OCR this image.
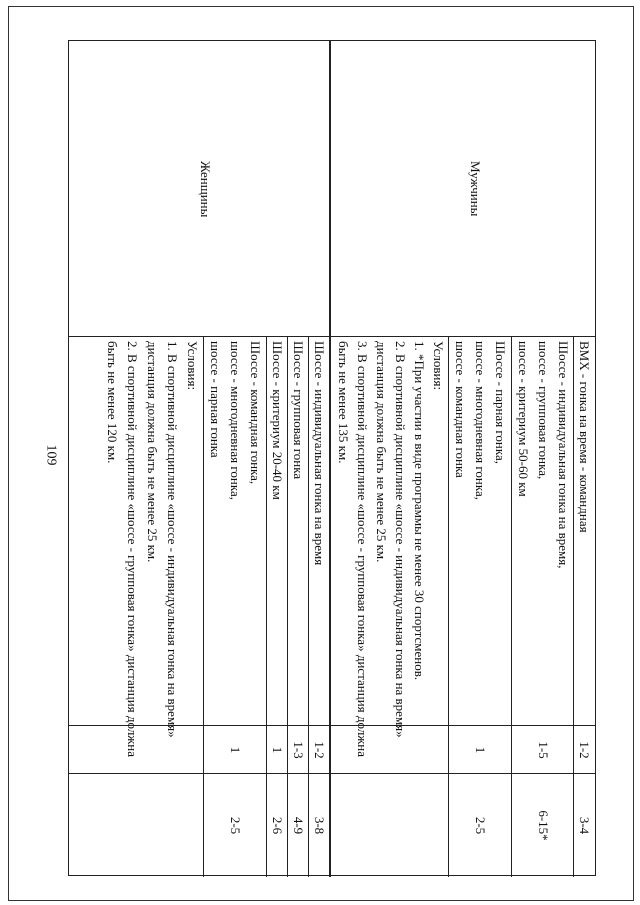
109
Мужчины
BMX - гонка на время - командная
1-2
3-4
Шоссе - индивидуальная гонка на время,
шоссе - групповая гонка,
шоссе - критериум 50-60 км
1-5
6-15*
Шоссе - парная гонка,
шоссе - многодневная гонка,
шоссе - командная гонка
1
2-5
Условия:
1. *При участии в виде программы не менее 30 спортсменов.
2. В спортивной дисциплине «шоссе - индивидуальная гонка на время»
дистанция должна быть не менее 25 км.
3. В спортивной дисциплине «шоссе - групповая гонка» дистанция должна
быть не менее 135 км.
Женщины
Шоссе - индивидуальная гонка на время
1-2
3-8
Шоссе - групповая гонка
1-3
4-9
Шоссе - критериум 20-40 км
1
2-6
Шоссе - командная гонка,
шоссе - многодневная гонка,
шоссе - парная гонка
1
2-5
Условия:
1. В спортивной дисциплине «шоссе - индивидуальная гонка на время»
дистанция должна быть не менее 25 км.
2. В спортивной дисциплине «шоссе - групповая гонка» дистанция должна
быть не менее 120 км.
